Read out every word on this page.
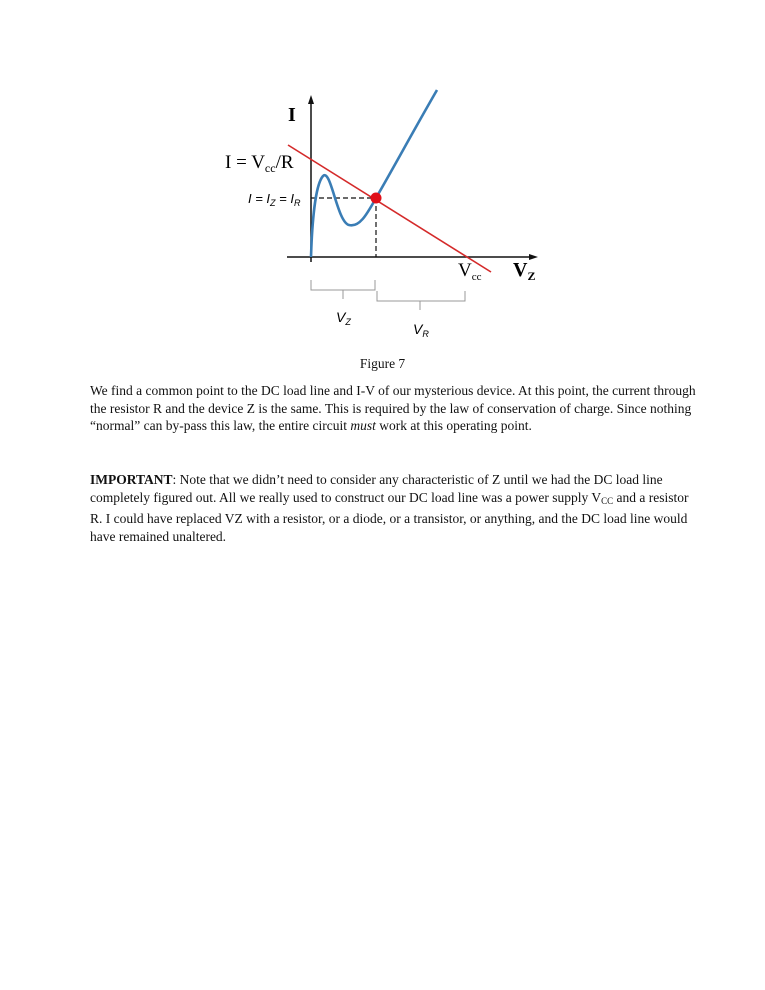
I
$I = V_{cc}/R$
$I = I_Z = I_R$
$V_{cc}$ $V_Z$
$V_Z$	$V_R$
Figure 7

We find a common point to the DC load line and I-V of our mysterious device. At this point, the current through the resistor R and the device Z is the same. This is required by the law of conservation of charge. Since nothing “normal” can by-pass this law, the entire circuit must work at this operating point.

IMPORTANT: Note that we didn’t need to consider any characteristic of Z until we had the DC load line completely figured out. All we really used to construct our DC load line was a power supply $V_{CC}$ and a resistor R. I could have replaced VZ with a resistor, or a diode, or a transistor, or anything, and the DC load line would have remained unaltered.
